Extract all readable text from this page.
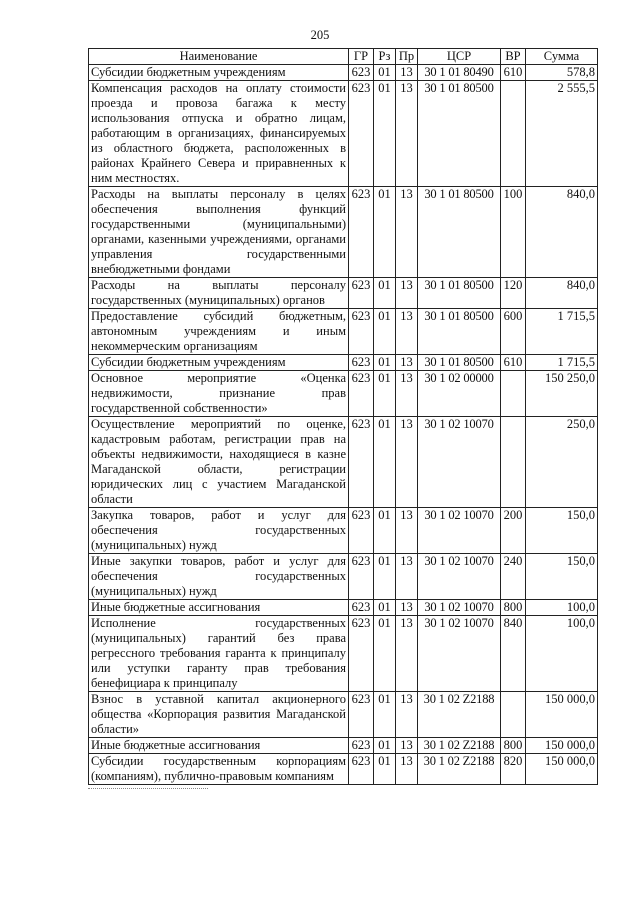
205
Наименование	ГР	Рз	Пр	ЦСР	ВР	Сумма
Субсидии бюджетным учреждениям	623	01	13	30 1 01 80490	610	578,8
Компенсация расходов на оплату стоимости проезда и провоза багажа к месту использования отпуска и обратно лицам, работающим в организациях, финансируемых из областного бюджета, расположенных в районах Крайнего Севера и приравненных к ним местностях.	623	01	13	30 1 01 80500		2 555,5
Расходы на выплаты персоналу в целях обеспечения выполнения функций государственными (муниципальными) органами, казенными учреждениями, органами управления государственными внебюджетными фондами	623	01	13	30 1 01 80500	100	840,0
Расходы на выплаты персоналу государственных (муниципальных) органов	623	01	13	30 1 01 80500	120	840,0
Предоставление субсидий бюджетным, автономным учреждениям и иным некоммерческим организациям	623	01	13	30 1 01 80500	600	1 715,5
Субсидии бюджетным учреждениям	623	01	13	30 1 01 80500	610	1 715,5
Основное мероприятие «Оценка недвижимости, признание прав государственной собственности»	623	01	13	30 1 02 00000		150 250,0
Осуществление мероприятий по оценке, кадастровым работам, регистрации прав на объекты недвижимости, находящиеся в казне Магаданской области, регистрации юридических лиц с участием Магаданской области	623	01	13	30 1 02 10070		250,0
Закупка товаров, работ и услуг для обеспечения государственных (муниципальных) нужд	623	01	13	30 1 02 10070	200	150,0
Иные закупки товаров, работ и услуг для обеспечения государственных (муниципальных) нужд	623	01	13	30 1 02 10070	240	150,0
Иные бюджетные ассигнования	623	01	13	30 1 02 10070	800	100,0
Исполнение государственных (муниципальных) гарантий без права регрессного требования гаранта к принципалу или уступки гаранту прав требования бенефициара к принципалу	623	01	13	30 1 02 10070	840	100,0
Взнос в уставной капитал акционерного общества «Корпорация развития Магаданской области»	623	01	13	30 1 02 Z2188		150 000,0
Иные бюджетные ассигнования	623	01	13	30 1 02 Z2188	800	150 000,0
Субсидии государственным корпорациям (компаниям), публично-правовым компаниям	623	01	13	30 1 02 Z2188	820	150 000,0
